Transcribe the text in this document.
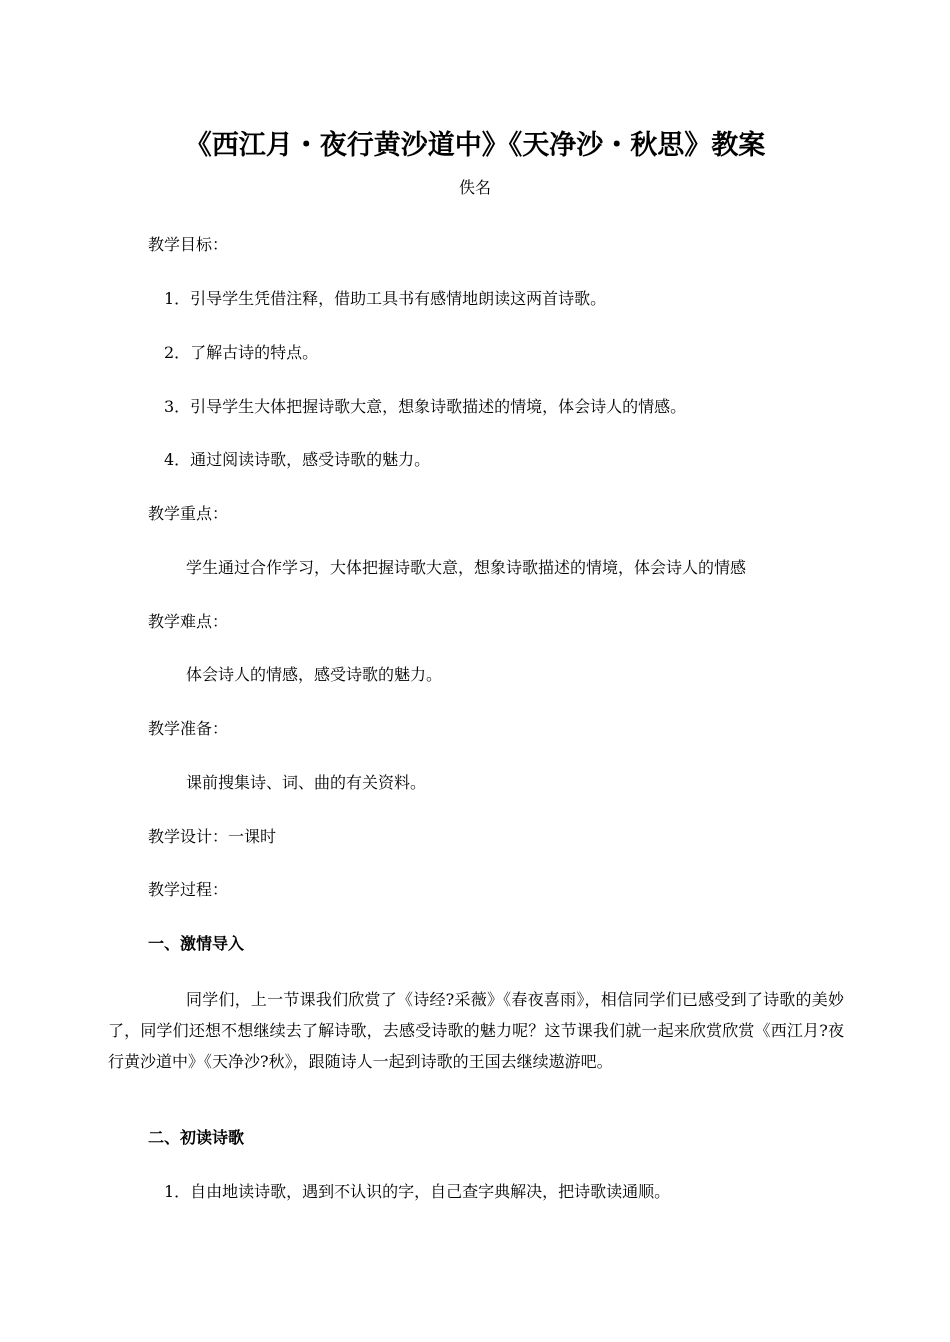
《西江月・夜行黄沙道中》《天净沙・秋思》教案
佚名
教学目标：
1．引导学生凭借注释，借助工具书有感情地朗读这两首诗歌。
2．了解古诗的特点。
3．引导学生大体把握诗歌大意，想象诗歌描述的情境，体会诗人的情感。
4．通过阅读诗歌，感受诗歌的魅力。
教学重点：
学生通过合作学习，大体把握诗歌大意，想象诗歌描述的情境，体会诗人的情感
教学难点：
体会诗人的情感，感受诗歌的魅力。
教学准备：
课前搜集诗、词、曲的有关资料。
教学设计：一课时
教学过程：
一、激情导入

同学们，上一节课我们欣赏了《诗经?采薇》《春夜喜雨》，相信同学们已感受到了诗歌的美妙了，同学们还想不想继续去了解诗歌，去感受诗歌的魅力呢？这节课我们就一起来欣赏欣赏《西江月?夜行黄沙道中》《天净沙?秋》，跟随诗人一起到诗歌的王国去继续遨游吧。

二、初读诗歌
1．自由地读诗歌，遇到不认识的字，自己查字典解决，把诗歌读通顺。
